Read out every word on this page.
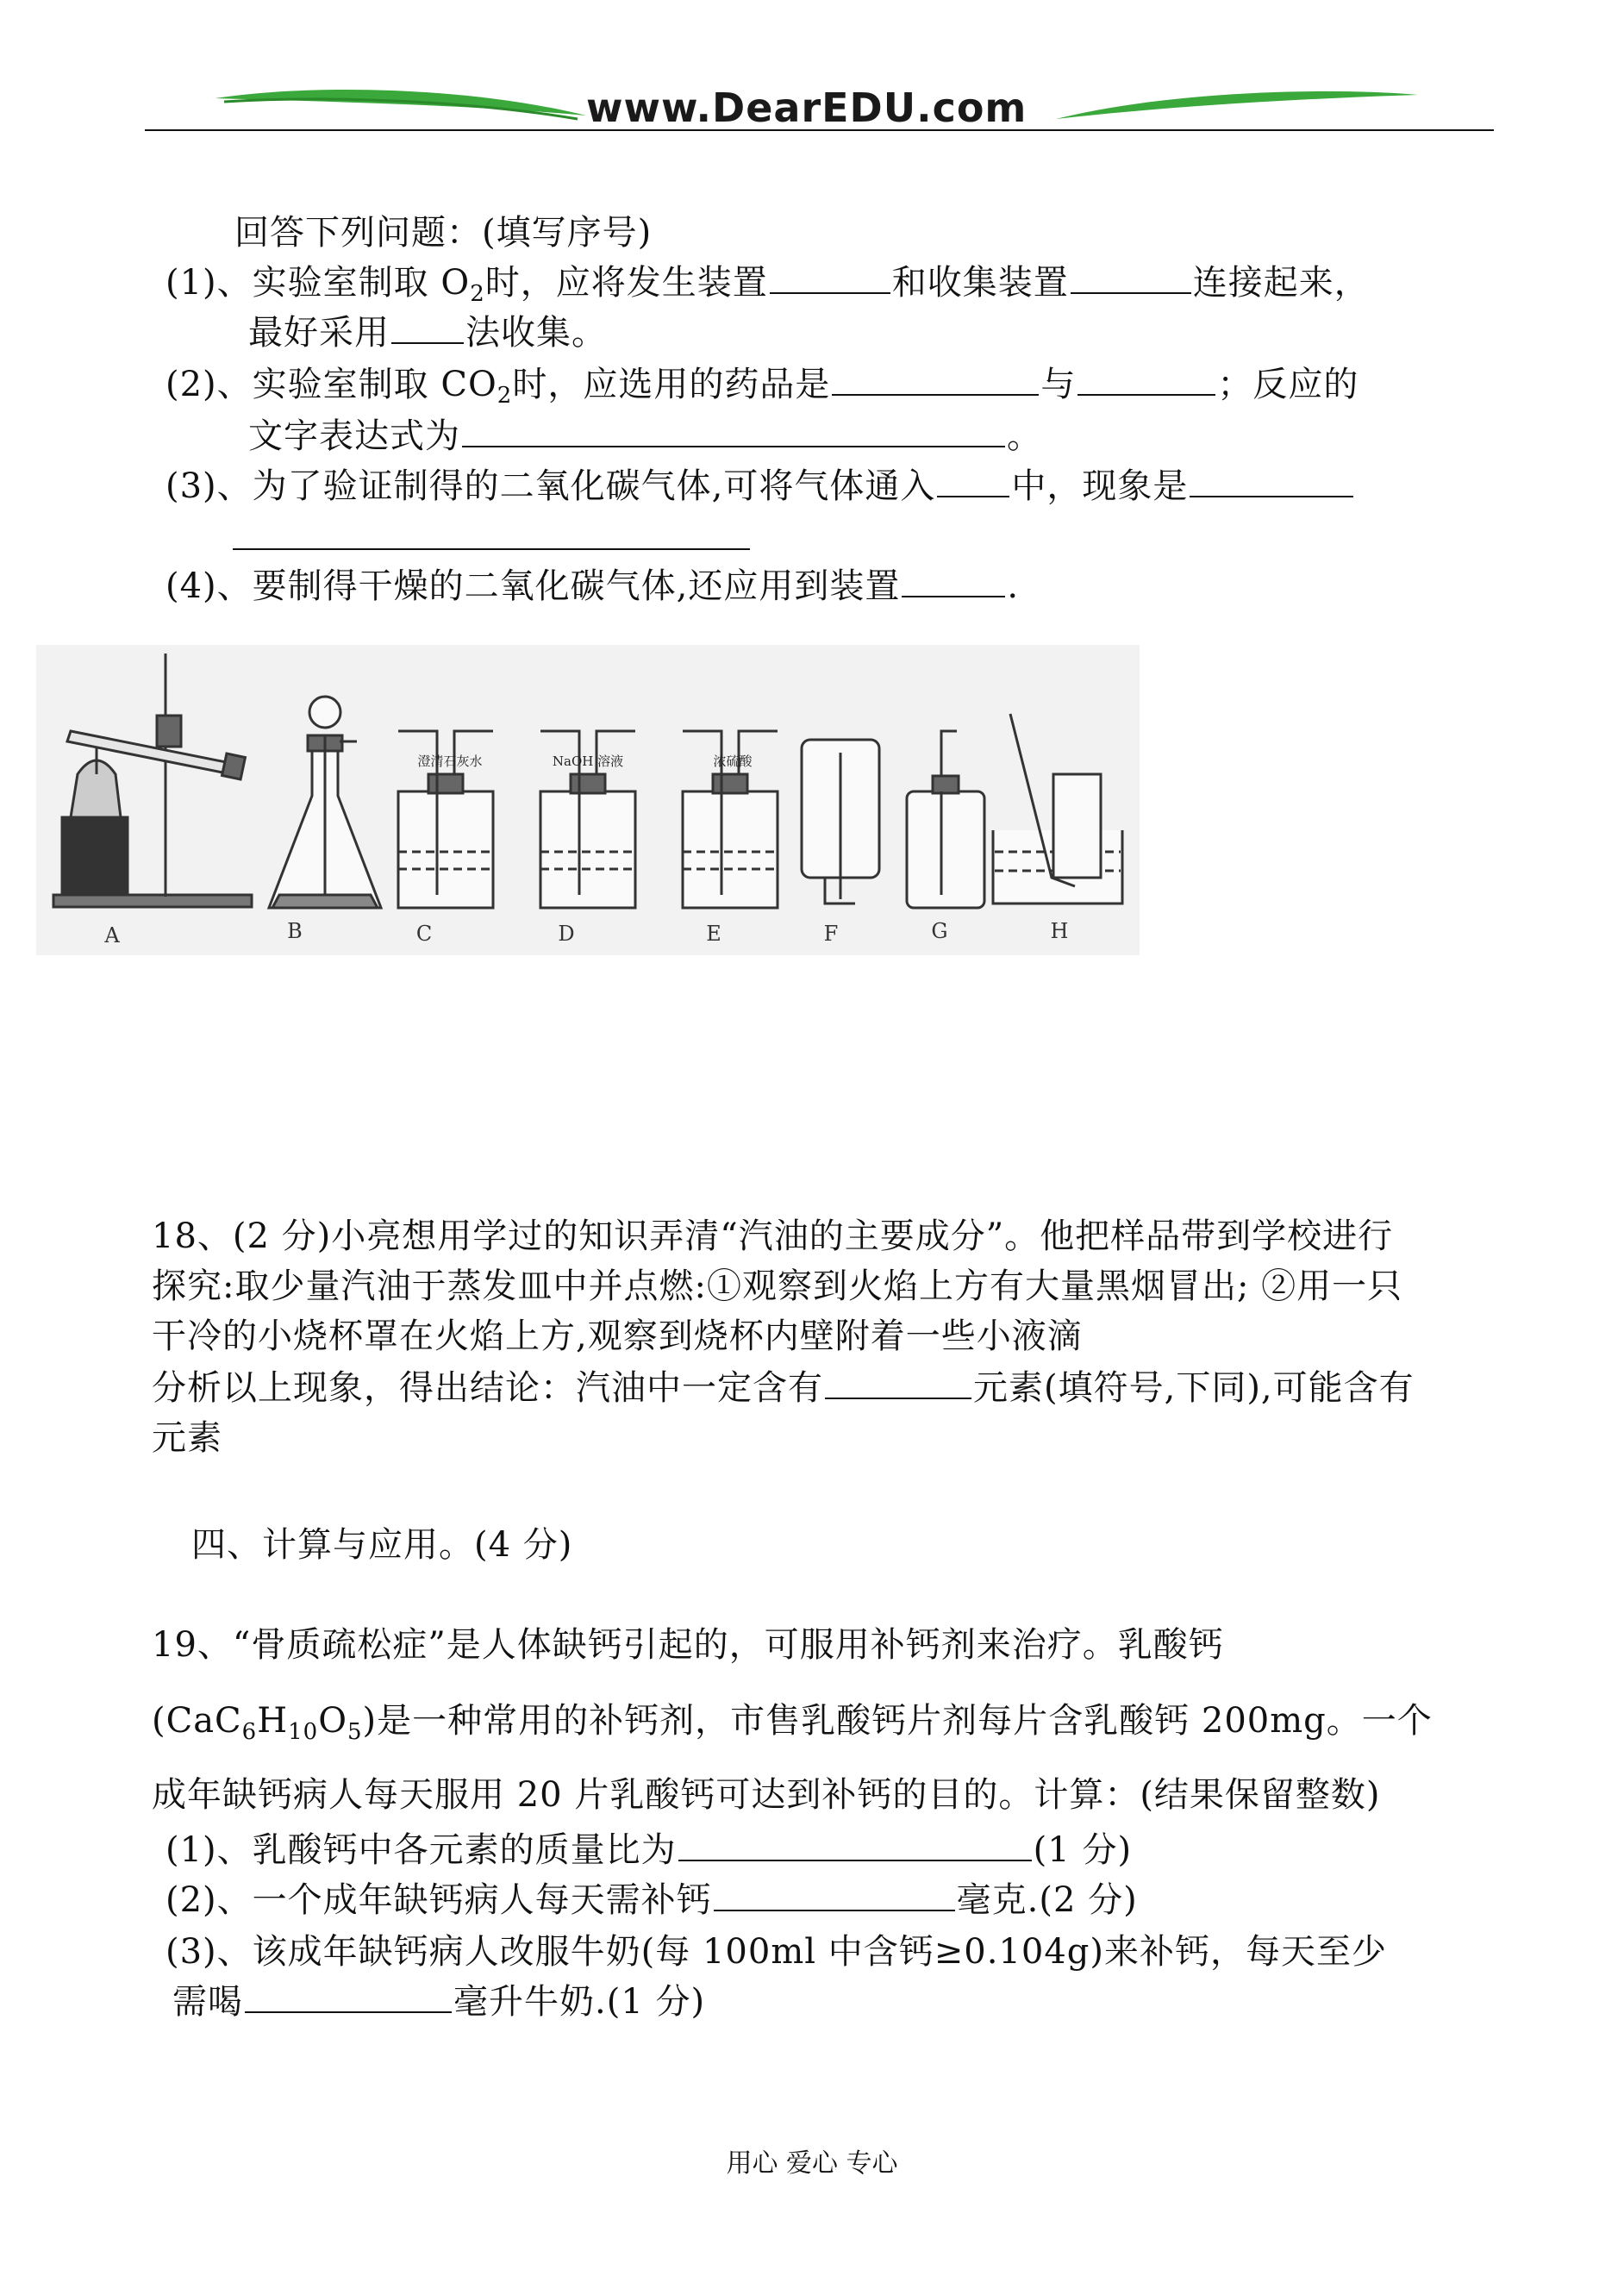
www.DearEDU.com
回答下列问题：(填写序号)
(1)、实验室制取 $O_2$时，应将发生装置	和收集装置	连接起来，
最好采用 法收集。
(2)、实验室制取 $CO_2$时，应选用的药品是	与	；反应的
文字表达式为	。
(3)、为了验证制得的二氧化碳气体,可将气体通入 中，现象是
(4)、要制得干燥的二氧化碳气体,还应用到装置	.
澄清石灰水	NaOH 溶液	浓硫酸
A	B	C	D	E	F	G	H
18、(2 分)小亮想用学过的知识弄清“汽油的主要成分”。他把样品带到学校进行
探究:取少量汽油于蒸发皿中并点燃:①观察到火焰上方有大量黑烟冒出; ②用一只
干冷的小烧杯罩在火焰上方,观察到烧杯内壁附着一些小液滴
分析以上现象，得出结论：汽油中一定含有	元素(填符号,下同),可能含有
元素
四、计算与应用。(4 分)
19、“骨质疏松症”是人体缺钙引起的，可服用补钙剂来治疗。乳酸钙
$(CaC_6H_{10}O_5)$是一种常用的补钙剂，市售乳酸钙片剂每片含乳酸钙 200mg。一个
成年缺钙病人每天服用 20 片乳酸钙可达到补钙的目的。计算：(结果保留整数)
(1)、乳酸钙中各元素的质量比为	(1 分)
(2)、一个成年缺钙病人每天需补钙	毫克.(2 分)
(3)、该成年缺钙病人改服牛奶(每 100ml 中含钙≥0.104g)来补钙，每天至少
需喝	毫升牛奶.(1 分)
用心 爱心 专心
